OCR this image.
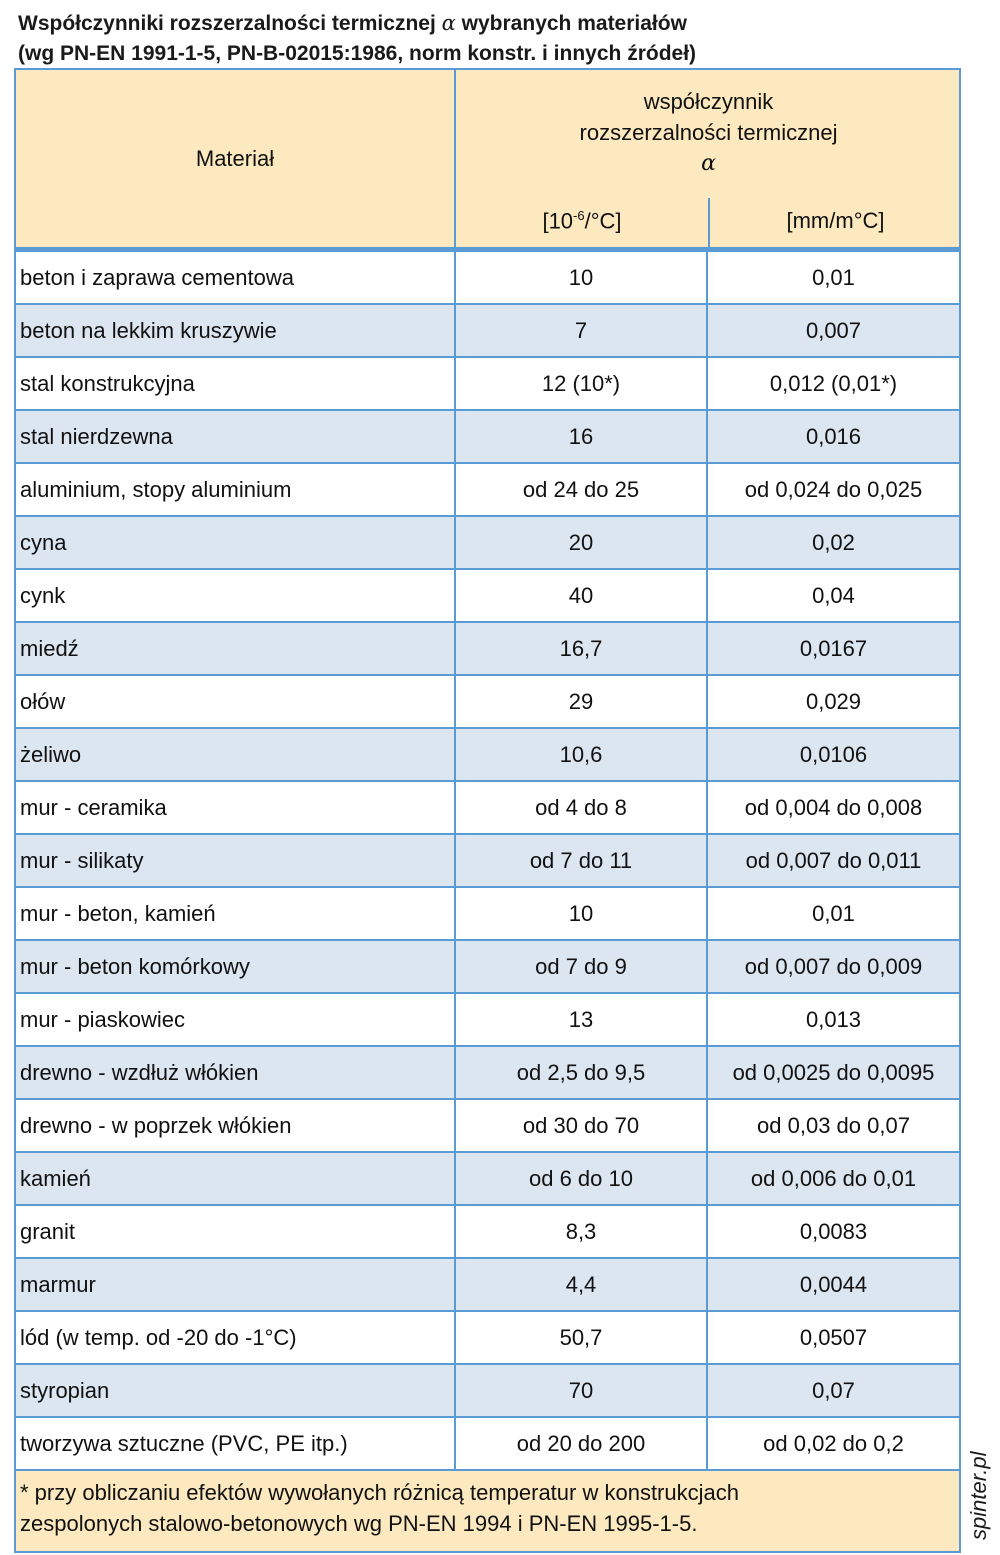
Współczynniki rozszerzalności termicznej α wybranych materiałów
(wg PN-EN 1991-1-5, PN-B-02015:1986, norm konstr. i innych źródeł)
Materiał
współczynnik
rozszerzalności termicznej
α
$[10^{-6}/^\circ C]$	[mm/m°C]
beton i zaprawa cementowa	10	0,01
beton na lekkim kruszywie	7	0,007
stal konstrukcyjna	12 (10*)	0,012 (0,01*)
stal nierdzewna	16	0,016
aluminium, stopy aluminium	od 24 do 25	od 0,024 do 0,025
cyna	20	0,02
cynk	40	0,04
miedź	16,7	0,0167
ołów	29	0,029
żeliwo	10,6	0,0106
mur - ceramika	od 4 do 8	od 0,004 do 0,008
mur - silikaty	od 7 do 11	od 0,007 do 0,011
mur - beton, kamień	10	0,01
mur - beton komórkowy	od 7 do 9	od 0,007 do 0,009
mur - piaskowiec	13	0,013
drewno - wzdłuż włókien	od 2,5 do 9,5	od 0,0025 do 0,0095
drewno - w poprzek włókien	od 30 do 70	od 0,03 do 0,07
kamień	od 6 do 10	od 0,006 do 0,01
granit	8,3	0,0083
marmur	4,4	0,0044
lód (w temp. od -20 do -1°C)	50,7	0,0507
styropian	70	0,07
tworzywa sztuczne (PVC, PE itp.)	od 20 do 200	od 0,02 do 0,2
* przy obliczaniu efektów wywołanych różnicą temperatur w konstrukcjach
zespolonych stalowo-betonowych wg PN-EN 1994 i PN-EN 1995-1-5.	spinter.pl
